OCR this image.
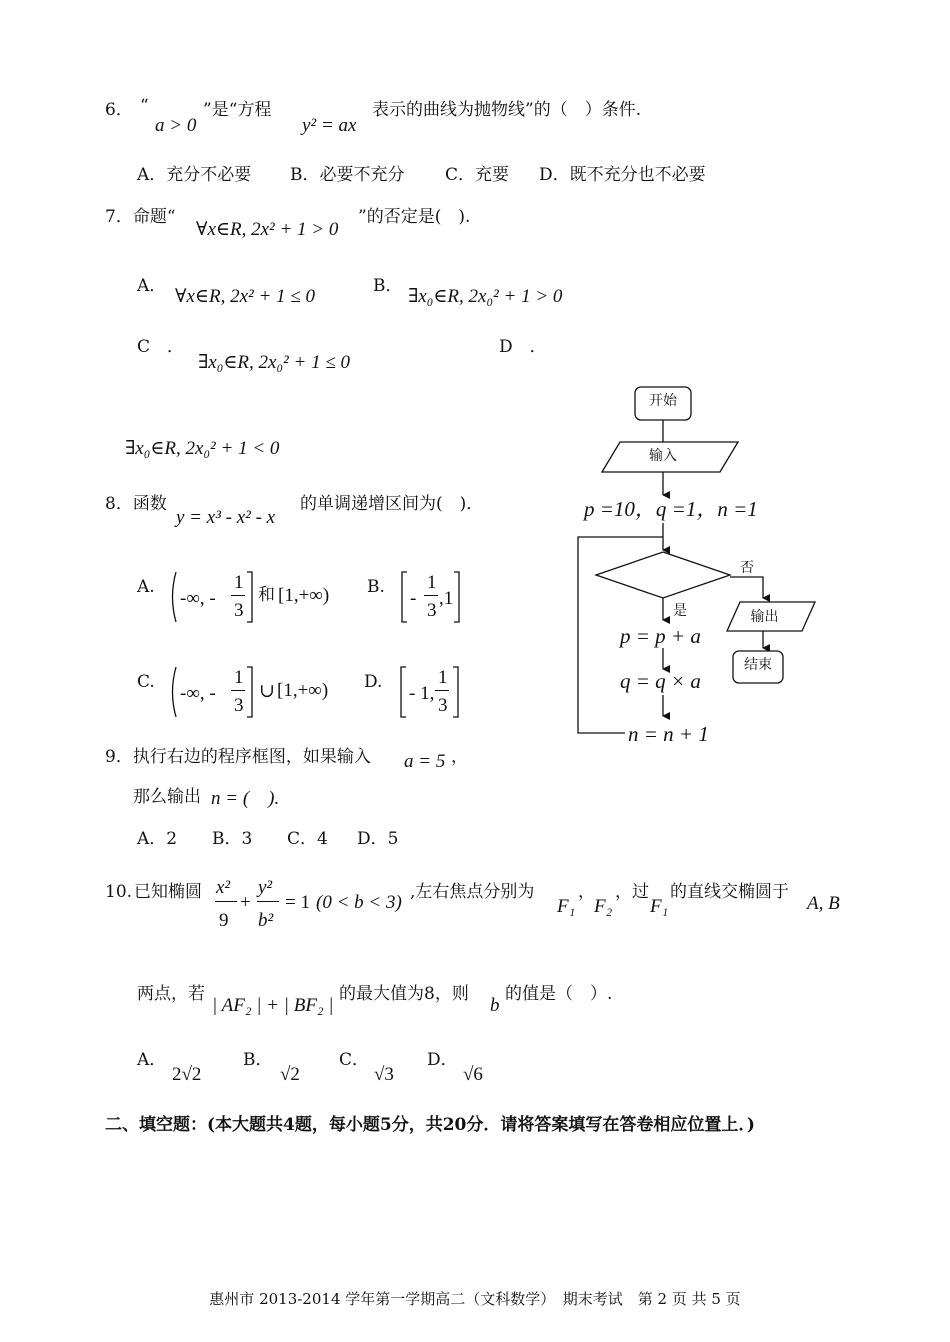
6． “
a > 0
”是“方程
y² = ax
表示的曲线为抛物线”的（　）条件.
A．充分不必要 B．必要不充分 C．充要 D．既不充分也不必要
7．命题“
∀x∈R, 2x² + 1 > 0
”的否定是(　).
A． ∀x∈R, 2x² + 1 ≤ 0	B． ∃x₀∈R, 2x₀² + 1 > 0
C　．
∃x₀∈R, 2x₀² + 1 ≤ 0
D　．
∃x₀∈R, 2x₀² + 1 < 0
8．函数
y = x³ - x² - x
的单调递增区间为(　)．
A.
-∞, -
1
3
和 [1,+∞) B.
-
1
3
,1
C.
-∞, -
1
3
∪ [1,+∞) D.
- 1,
1
3
9．执行右边的程序框图，如果输入 a = 5 ，
那么输出 n = (　).
A．2 B．3 C．4 D．5
10. 已知椭圆 x²
9
+
y²
b²
= 1 (0 < b < 3) ,左右焦点分别为
F₁
，
F₂
，过
F₁
的直线交椭圆于
A, B
两点，若
| AF₂ | + | BF₂ |
的最大值为8，则
b
的值是（　）.
A．
2√2
B．
√2
C．
√3
D．
√6
二、填空题：(本大题共4题，每小题5分，共20分．请将答案填写在答卷相应位置上．)
开始
输入
p =10，q =1，n =1
否
是	输出
结束
p = p + a
q = q × a
n = n + 1
惠州市 2013-2014 学年第一学期高二（文科数学）　期末考试　第 2 页 共 5 页
